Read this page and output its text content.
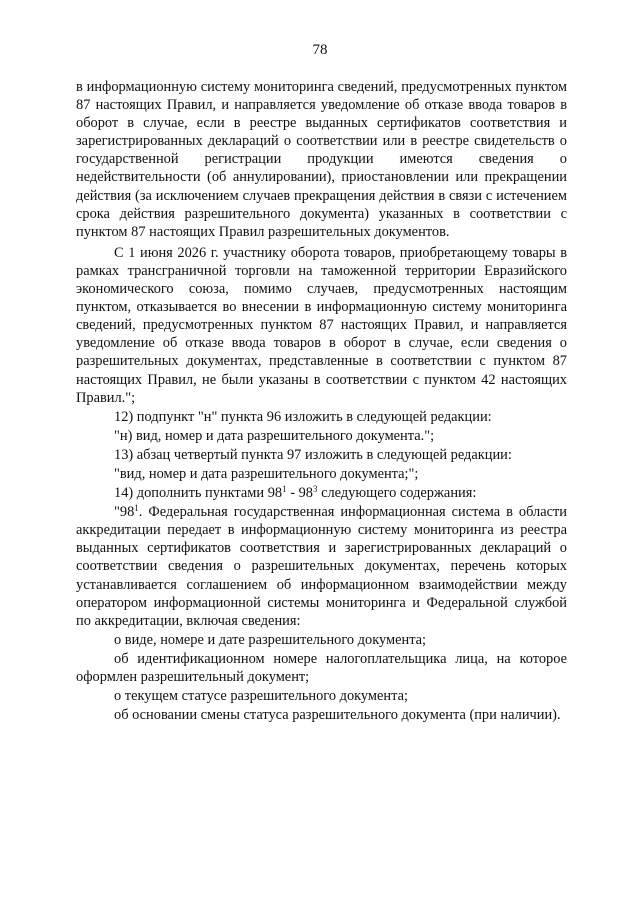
78

в информационную систему мониторинга сведений, предусмотренных пунктом 87 настоящих Правил, и направляется уведомление об отказе ввода товаров в оборот в случае, если в реестре выданных сертификатов соответствия и зарегистрированных деклараций о соответствии или в реестре свидетельств о государственной регистрации продукции имеются сведения о недействительности (об аннулировании), приостановлении или прекращении действия (за исключением случаев прекращения действия в связи с истечением срока действия разрешительного документа) указанных в соответствии с пунктом 87 настоящих Правил разрешительных документов.

С 1 июня 2026 г. участнику оборота товаров, приобретающему товары в рамках трансграничной торговли на таможенной территории Евразийского экономического союза, помимо случаев, предусмотренных настоящим пунктом, отказывается во внесении в информационную систему мониторинга сведений, предусмотренных пунктом 87 настоящих Правил, и направляется уведомление об отказе ввода товаров в оборот в случае, если сведения о разрешительных документах, представленные в соответствии с пунктом 87 настоящих Правил, не были указаны в соответствии с пунктом 42 настоящих Правил.";

12) подпункт "н" пункта 96 изложить в следующей редакции:

"н) вид, номер и дата разрешительного документа.";

13) абзац четвертый пункта 97 изложить в следующей редакции:

"вид, номер и дата разрешительного документа;";

14) дополнить пунктами $98^1 - 98^3$ следующего содержания:

"$98^1$. Федеральная государственная информационная система в области аккредитации передает в информационную систему мониторинга из реестра выданных сертификатов соответствия и зарегистрированных деклараций о соответствии сведения о разрешительных документах, перечень которых устанавливается соглашением об информационном взаимодействии между оператором информационной системы мониторинга и Федеральной службой по аккредитации, включая сведения:

о виде, номере и дате разрешительного документа;

об идентификационном номере налогоплательщика лица, на которое оформлен разрешительный документ;

о текущем статусе разрешительного документа;

об основании смены статуса разрешительного документа (при наличии).
